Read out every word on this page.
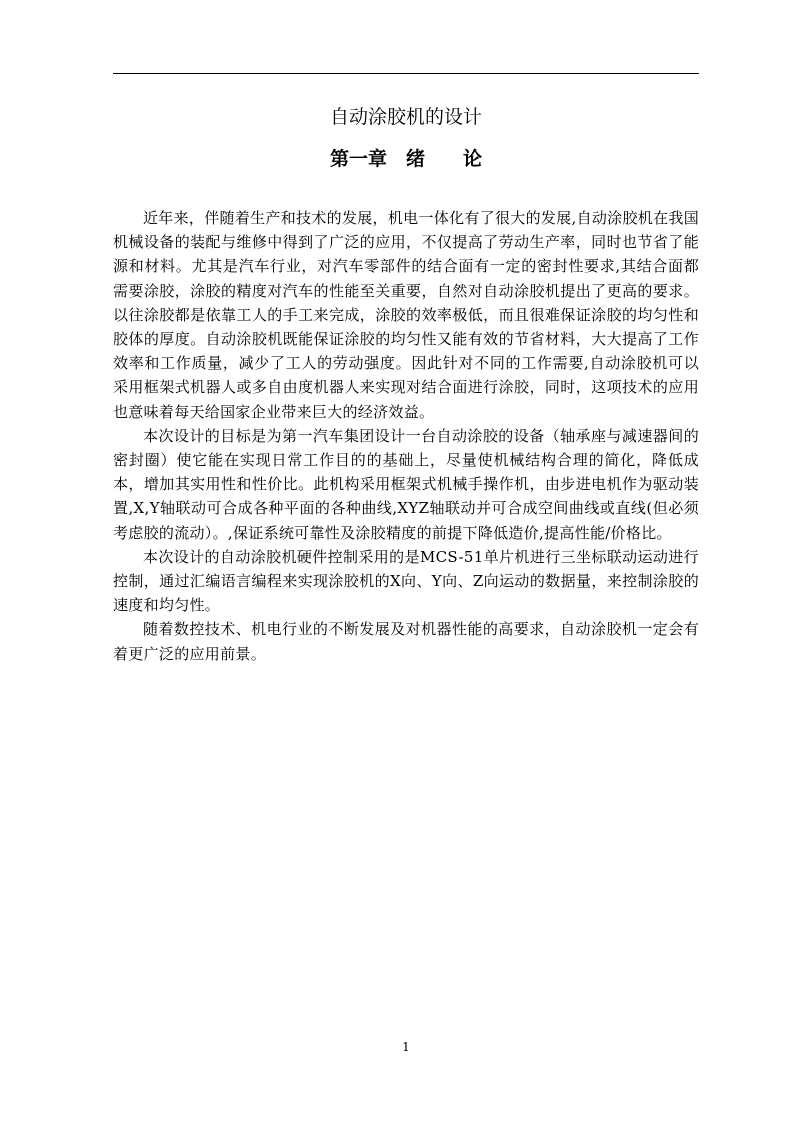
自动涂胶机的设计
第一章　绪　　论

近年来，伴随着生产和技术的发展，机电一体化有了很大的发展,自动涂胶机在我国机械设备的装配与维修中得到了广泛的应用，不仅提高了劳动生产率，同时也节省了能源和材料。尤其是汽车行业，对汽车零部件的结合面有一定的密封性要求,其结合面都需要涂胶，涂胶的精度对汽车的性能至关重要，自然对自动涂胶机提出了更高的要求。以往涂胶都是依靠工人的手工来完成，涂胶的效率极低，而且很难保证涂胶的均匀性和胶体的厚度。自动涂胶机既能保证涂胶的均匀性又能有效的节省材料，大大提高了工作效率和工作质量，减少了工人的劳动强度。因此针对不同的工作需要,自动涂胶机可以采用框架式机器人或多自由度机器人来实现对结合面进行涂胶，同时，这项技术的应用也意味着每天给国家企业带来巨大的经济效益。

本次设计的目标是为第一汽车集团设计一台自动涂胶的设备（轴承座与减速器间的密封圈）使它能在实现日常工作目的的基础上，尽量使机械结构合理的简化，降低成本，增加其实用性和性价比。此机构采用框架式机械手操作机，由步进电机作为驱动装置,X,Y轴联动可合成各种平面的各种曲线,XYZ轴联动并可合成空间曲线或直线(但必须考虑胶的流动）。,保证系统可靠性及涂胶精度的前提下降低造价,提高性能/价格比。

本次设计的自动涂胶机硬件控制采用的是MCS-51单片机进行三坐标联动运动进行控制，通过汇编语言编程来实现涂胶机的X向、Y向、Z向运动的数据量，来控制涂胶的速度和均匀性。

随着数控技术、机电行业的不断发展及对机器性能的高要求，自动涂胶机一定会有着更广泛的应用前景。

1
